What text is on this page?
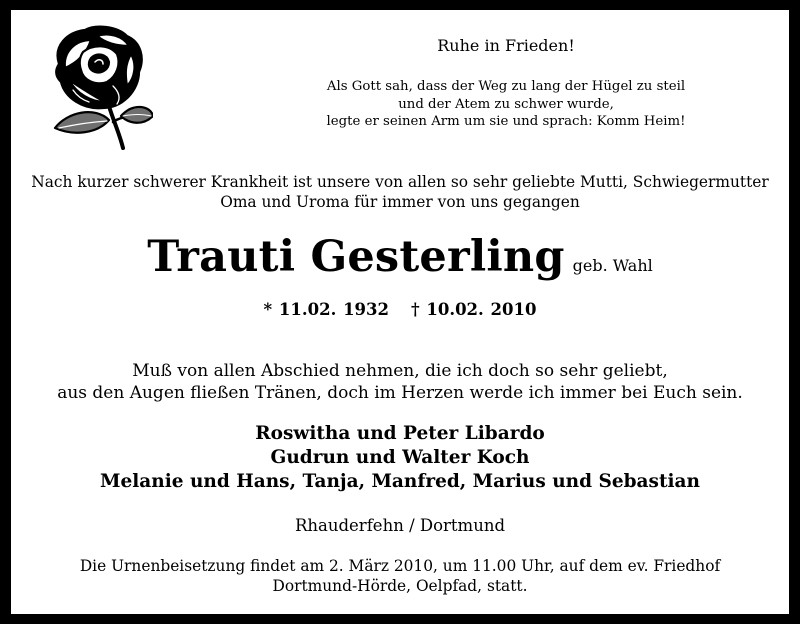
Ruhe in Frieden!
Als Gott sah, dass der Weg zu lang der Hügel zu steil
und der Atem zu schwer wurde,
legte er seinen Arm um sie und sprach: Komm Heim!
Nach kurzer schwerer Krankheit ist unsere von allen so sehr geliebte Mutti, Schwiegermutter
Oma und Uroma für immer von uns gegangen
Trauti Gesterling geb. Wahl
* 11.02. 1932 † 10.02. 2010
Muß von allen Abschied nehmen, die ich doch so sehr geliebt,
aus den Augen fließen Tränen, doch im Herzen werde ich immer bei Euch sein.
Roswitha und Peter Libardo
Gudrun und Walter Koch
Melanie und Hans, Tanja, Manfred, Marius und Sebastian
Rhauderfehn / Dortmund
Die Urnenbeisetzung findet am 2. März 2010, um 11.00 Uhr, auf dem ev. Friedhof
Dortmund-Hörde, Oelpfad, statt.
